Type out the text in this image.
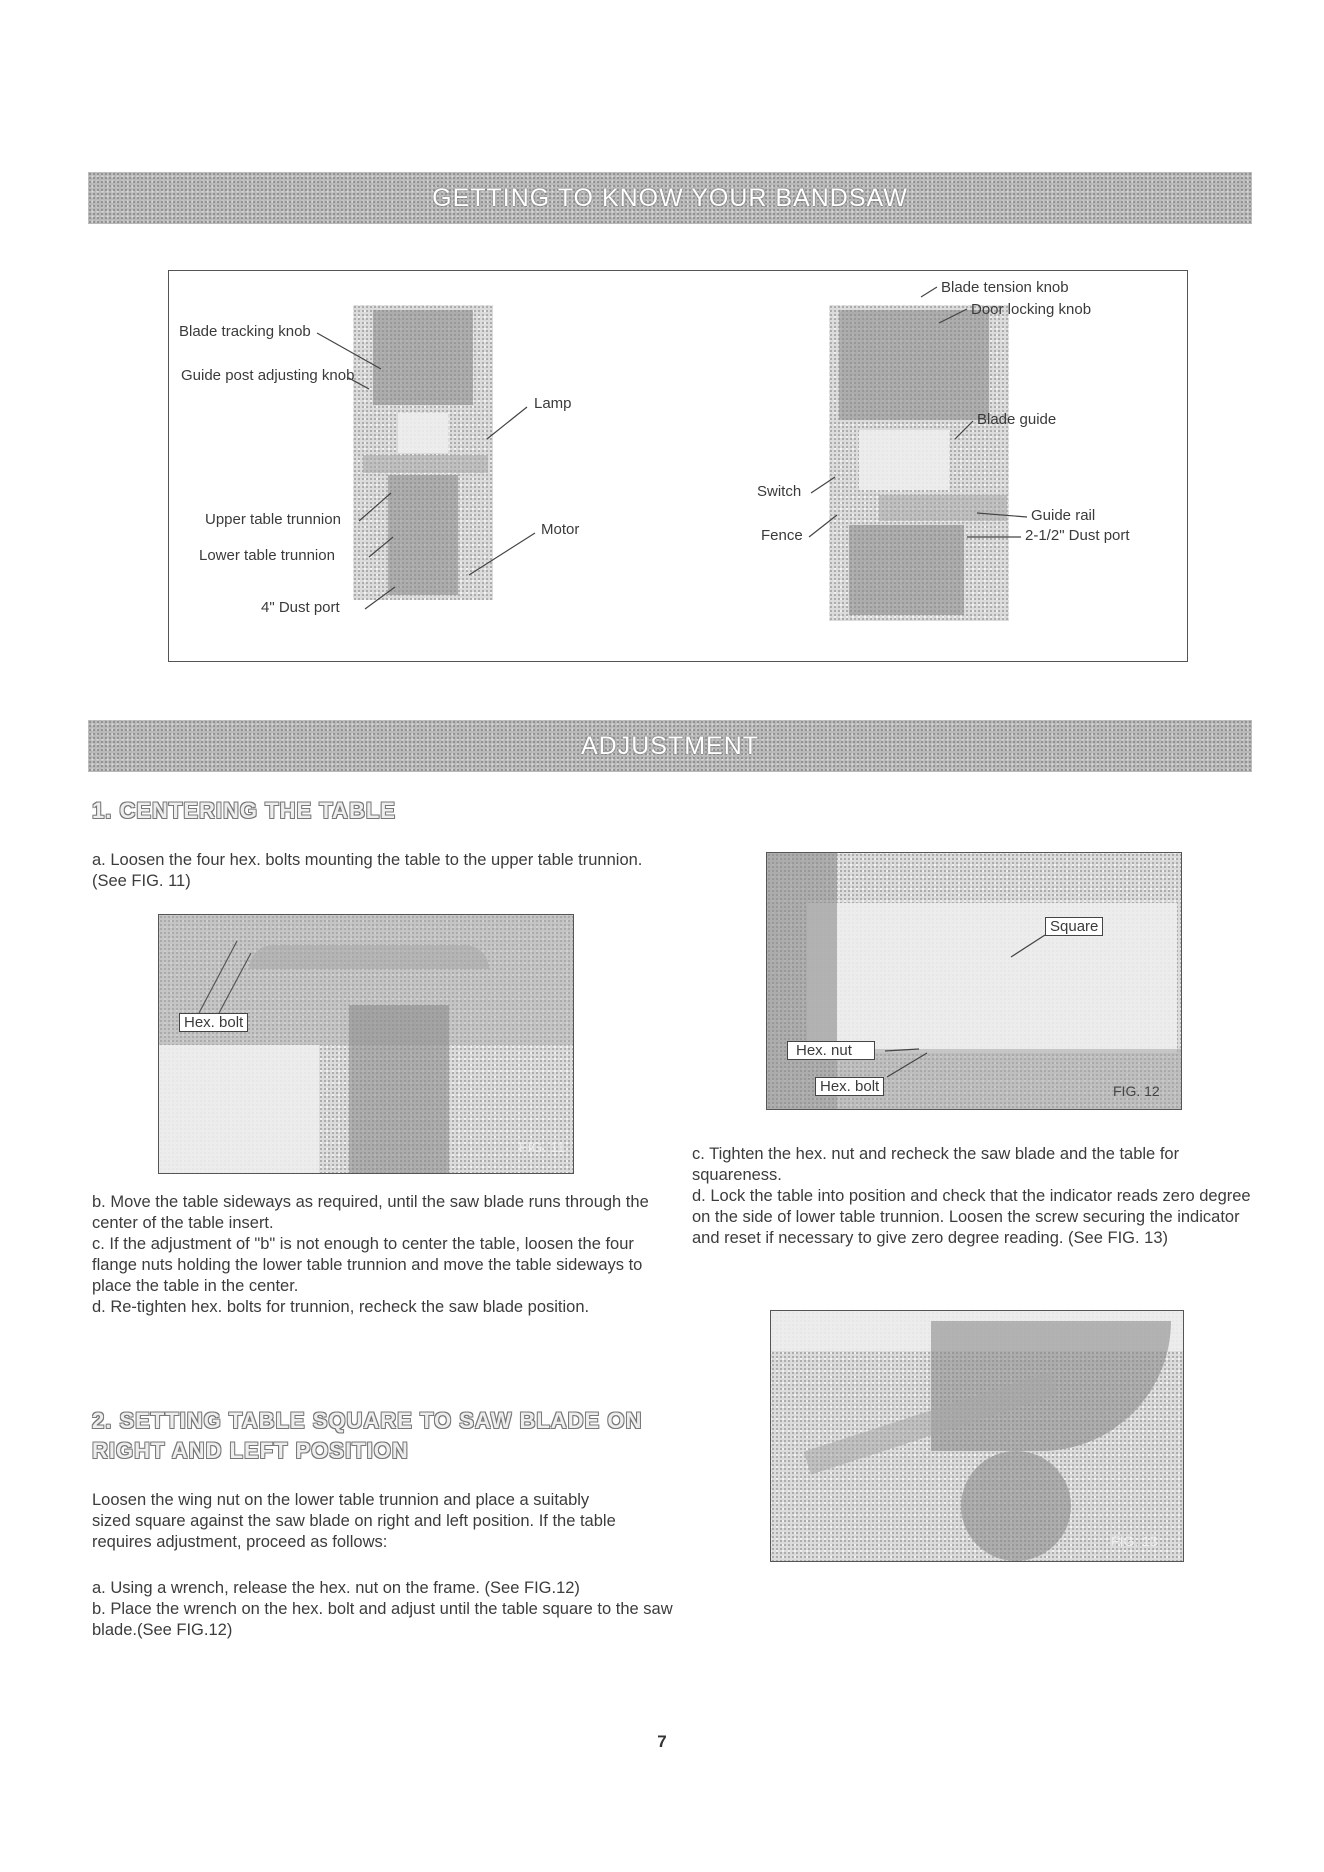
GETTING TO KNOW YOUR BANDSAW
Blade tracking knob
Guide post adjusting knob
Lamp
Upper table trunnion
Motor
Lower table trunnion
4" Dust port
Blade tension knob
Door locking knob
Blade guide
Switch
Guide rail
Fence	2-1/2" Dust port
ADJUSTMENT
1. CENTERING THE TABLE

a. Loosen the four hex. bolts mounting the table to the upper table trunnion. (See FIG. 11)

Hex. bolt
FIG. 11

b. Move the table sideways as required, until the saw blade runs through the center of the table insert.

c. If the adjustment of "b" is not enough to center the table, loosen the four flange nuts holding the lower table trunnion and move the table sideways to place the table in the center.

d. Re-tighten hex. bolts for trunnion, recheck the saw blade position.

2. SETTING TABLE SQUARE TO SAW BLADE ON
RIGHT AND LEFT POSITION

Loosen the wing nut on the lower table trunnion and place a suitably sized square against the saw blade on right and left position. If the table requires adjustment, proceed as follows:

a. Using a wrench, release the hex. nut on the frame. (See FIG.12)

b. Place the wrench on the hex. bolt and adjust until the table square to the saw blade.(See FIG.12)

Square
Hex. nut
Hex. bolt	FIG. 12

c. Tighten the hex. nut and recheck the saw blade and the table for squareness.

d. Lock the table into position and check that the indicator reads zero degree on the side of lower table trunnion. Loosen the screw securing the indicator and reset if necessary to give zero degree reading. (See FIG. 13)

FIG. 13
7
